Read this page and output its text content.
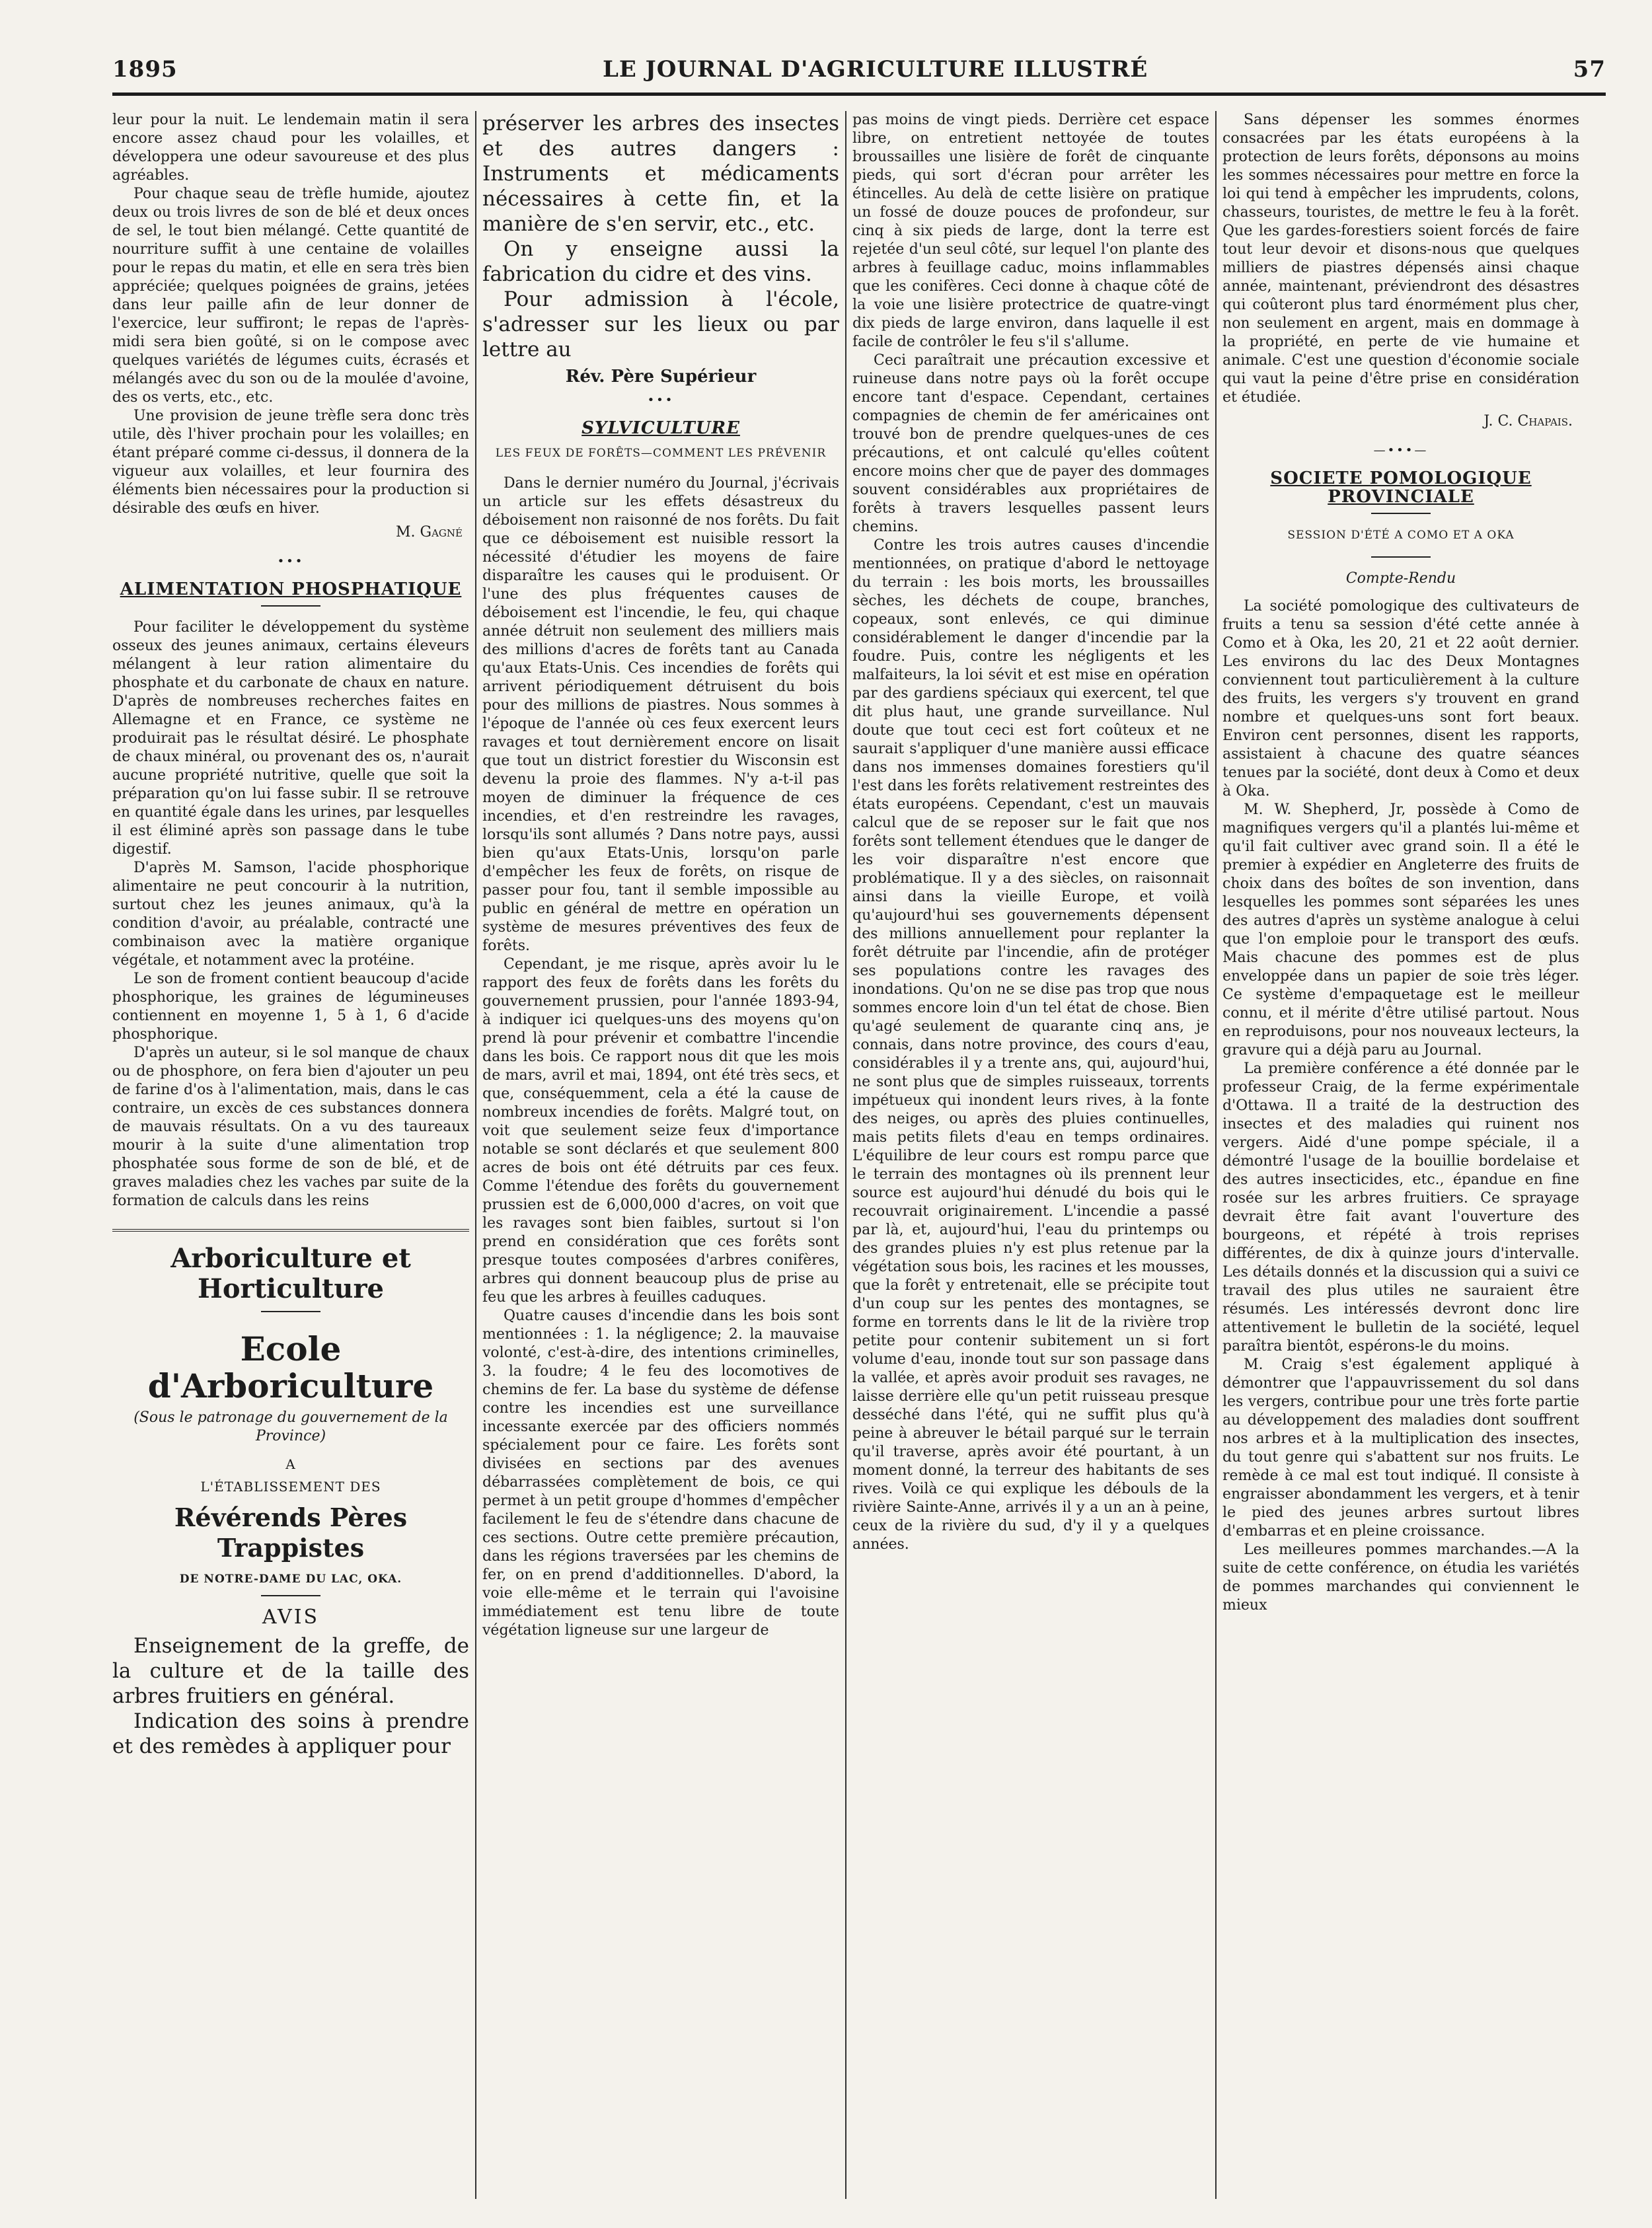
1895	LE JOURNAL D'AGRICULTURE ILLUSTRÉ	57

leur pour la nuit. Le lendemain matin il sera encore assez chaud pour les volailles, et développera une odeur savoureuse et des plus agréables.

Pour chaque seau de trèfle humide, ajoutez deux ou trois livres de son de blé et deux onces de sel, le tout bien mélangé. Cette quantité de nourriture suffit à une centaine de volailles pour le repas du matin, et elle en sera très bien appréciée; quelques poignées de grains, jetées dans leur paille afin de leur donner de l'exercice, leur suffiront; le repas de l'après-midi sera bien goûté, si on le compose avec quelques variétés de légumes cuits, écrasés et mélangés avec du son ou de la moulée d'avoine, des os verts, etc., etc.

Une provision de jeune trèfle sera donc très utile, dès l'hiver prochain pour les volailles; en étant préparé comme ci-dessus, il donnera de la vigueur aux volailles, et leur fournira des éléments bien nécessaires pour la production si désirable des œufs en hiver.

M. Gagné
•••
ALIMENTATION PHOSPHATIQUE

Pour faciliter le développement du système osseux des jeunes animaux, certains éleveurs mélangent à leur ration alimentaire du phosphate et du carbonate de chaux en nature. D'après de nombreuses recherches faites en Allemagne et en France, ce système ne produirait pas le résultat désiré. Le phosphate de chaux minéral, ou provenant des os, n'aurait aucune propriété nutritive, quelle que soit la préparation qu'on lui fasse subir. Il se retrouve en quantité égale dans les urines, par lesquelles il est éliminé après son passage dans le tube digestif.

D'après M. Samson, l'acide phosphorique alimentaire ne peut concourir à la nutrition, surtout chez les jeunes animaux, qu'à la condition d'avoir, au préalable, contracté une combinaison avec la matière organique végétale, et notamment avec la protéine.

Le son de froment contient beaucoup d'acide phosphorique, les graines de légumineuses contiennent en moyenne 1, 5 à 1, 6 d'acide phosphorique.

D'après un auteur, si le sol manque de chaux ou de phosphore, on fera bien d'ajouter un peu de farine d'os à l'alimentation, mais, dans le cas contraire, un excès de ces substances donnera de mauvais résultats. On a vu des taureaux mourir à la suite d'une alimentation trop phosphatée sous forme de son de blé, et de graves maladies chez les vaches par suite de la formation de calculs dans les reins

Arboriculture et Horticulture
Ecole d'Arboriculture
(Sous le patronage du gouvernement de la Province)
A
L'ÉTABLISSEMENT DES
Révérends Pères Trappistes
DE NOTRE-DAME DU LAC, OKA.
AVIS

Enseignement de la greffe, de la culture et de la taille des arbres fruitiers en général.

Indication des soins à prendre et des remèdes à appliquer pour

préserver les arbres des insectes et des autres dangers : Instruments et médicaments nécessaires à cette fin, et la manière de s'en servir, etc., etc.

On y enseigne aussi la fabrication du cidre et des vins.

Pour admission à l'école, s'adresser sur les lieux ou par lettre au

Rév. Père Supérieur
•••
SYLVICULTURE
LES FEUX DE FORÊTS—COMMENT LES PRÉVENIR

Dans le dernier numéro du Journal, j'écrivais un article sur les effets désastreux du déboisement non raisonné de nos forêts. Du fait que ce déboisement est nuisible ressort la nécessité d'étudier les moyens de faire disparaître les causes qui le produisent. Or l'une des plus fréquentes causes de déboisement est l'incendie, le feu, qui chaque année détruit non seulement des milliers mais des millions d'acres de forêts tant au Canada qu'aux Etats-Unis. Ces incendies de forêts qui arrivent périodiquement détruisent du bois pour des millions de piastres. Nous sommes à l'époque de l'année où ces feux exercent leurs ravages et tout dernièrement encore on lisait que tout un district forestier du Wisconsin est devenu la proie des flammes. N'y a-t-il pas moyen de diminuer la fréquence de ces incendies, et d'en restreindre les ravages, lorsqu'ils sont allumés ? Dans notre pays, aussi bien qu'aux Etats-Unis, lorsqu'on parle d'empêcher les feux de forêts, on risque de passer pour fou, tant il semble impossible au public en général de mettre en opération un système de mesures préventives des feux de forêts.

Cependant, je me risque, après avoir lu le rapport des feux de forêts dans les forêts du gouvernement prussien, pour l'année 1893-94, à indiquer ici quelques-uns des moyens qu'on prend là pour prévenir et combattre l'incendie dans les bois. Ce rapport nous dit que les mois de mars, avril et mai, 1894, ont été très secs, et que, conséquemment, cela a été la cause de nombreux incendies de forêts. Malgré tout, on voit que seulement seize feux d'importance notable se sont déclarés et que seulement 800 acres de bois ont été détruits par ces feux. Comme l'étendue des forêts du gouvernement prussien est de 6,000,000 d'acres, on voit que les ravages sont bien faibles, surtout si l'on prend en considération que ces forêts sont presque toutes composées d'arbres conifères, arbres qui donnent beaucoup plus de prise au feu que les arbres à feuilles caduques.

Quatre causes d'incendie dans les bois sont mentionnées : 1. la négligence; 2. la mauvaise volonté, c'est-à-dire, des intentions criminelles, 3. la foudre; 4 le feu des locomotives de chemins de fer. La base du système de défense contre les incendies est une surveillance incessante exercée par des officiers nommés spécialement pour ce faire. Les forêts sont divisées en sections par des avenues débarrassées complètement de bois, ce qui permet à un petit groupe d'hommes d'empêcher facilement le feu de s'étendre dans chacune de ces sections. Outre cette première précaution, dans les régions traversées par les chemins de fer, on en prend d'additionnelles. D'abord, la voie elle-même et le terrain qui l'avoisine immédiatement est tenu libre de toute végétation ligneuse sur une largeur de

pas moins de vingt pieds. Derrière cet espace libre, on entretient nettoyée de toutes broussailles une lisière de forêt de cinquante pieds, qui sort d'écran pour arrêter les étincelles. Au delà de cette lisière on pratique un fossé de douze pouces de profondeur, sur cinq à six pieds de large, dont la terre est rejetée d'un seul côté, sur lequel l'on plante des arbres à feuillage caduc, moins inflammables que les conifères. Ceci donne à chaque côté de la voie une lisière protectrice de quatre-vingt dix pieds de large environ, dans laquelle il est facile de contrôler le feu s'il s'allume.

Ceci paraîtrait une précaution excessive et ruineuse dans notre pays où la forêt occupe encore tant d'espace. Cependant, certaines compagnies de chemin de fer américaines ont trouvé bon de prendre quelques-unes de ces précautions, et ont calculé qu'elles coûtent encore moins cher que de payer des dommages souvent considérables aux propriétaires de forêts à travers lesquelles passent leurs chemins.

Contre les trois autres causes d'incendie mentionnées, on pratique d'abord le nettoyage du terrain : les bois morts, les broussailles sèches, les déchets de coupe, branches, copeaux, sont enlevés, ce qui diminue considérablement le danger d'incendie par la foudre. Puis, contre les négligents et les malfaiteurs, la loi sévit et est mise en opération par des gardiens spéciaux qui exercent, tel que dit plus haut, une grande surveillance. Nul doute que tout ceci est fort coûteux et ne saurait s'appliquer d'une manière aussi efficace dans nos immenses domaines forestiers qu'il l'est dans les forêts relativement restreintes des états européens. Cependant, c'est un mauvais calcul que de se reposer sur le fait que nos forêts sont tellement étendues que le danger de les voir disparaître n'est encore que problématique. Il y a des siècles, on raisonnait ainsi dans la vieille Europe, et voilà qu'aujourd'hui ses gouvernements dépensent des millions annuellement pour replanter la forêt détruite par l'incendie, afin de protéger ses populations contre les ravages des inondations. Qu'on ne se dise pas trop que nous sommes encore loin d'un tel état de chose. Bien qu'agé seulement de quarante cinq ans, je connais, dans notre province, des cours d'eau, considérables il y a trente ans, qui, aujourd'hui, ne sont plus que de simples ruisseaux, torrents impétueux qui inondent leurs rives, à la fonte des neiges, ou après des pluies continuelles, mais petits filets d'eau en temps ordinaires. L'équilibre de leur cours est rompu parce que le terrain des montagnes où ils prennent leur source est aujourd'hui dénudé du bois qui le recouvrait originairement. L'incendie a passé par là, et, aujourd'hui, l'eau du printemps ou des grandes pluies n'y est plus retenue par la végétation sous bois, les racines et les mousses, que la forêt y entretenait, elle se précipite tout d'un coup sur les pentes des montagnes, se forme en torrents dans le lit de la rivière trop petite pour contenir subitement un si fort volume d'eau, inonde tout sur son passage dans la vallée, et après avoir produit ses ravages, ne laisse derrière elle qu'un petit ruisseau presque desséché dans l'été, qui ne suffit plus qu'à peine à abreuver le bétail parqué sur le terrain qu'il traverse, après avoir été pourtant, à un moment donné, la terreur des habitants de ses rives. Voilà ce qui explique les débouls de la rivière Sainte-Anne, arrivés il y a un an à peine, ceux de la rivière du sud, d'y il y a quelques années.

Sans dépenser les sommes énormes consacrées par les états européens à la protection de leurs forêts, déponsons au moins les sommes nécessaires pour mettre en force la loi qui tend à empêcher les imprudents, colons, chasseurs, touristes, de mettre le feu à la forêt. Que les gardes-forestiers soient forcés de faire tout leur devoir et disons-nous que quelques milliers de piastres dépensés ainsi chaque année, maintenant, préviendront des désastres qui coûteront plus tard énormément plus cher, non seulement en argent, mais en dommage à la propriété, en perte de vie humaine et animale. C'est une question d'économie sociale qui vaut la peine d'être prise en considération et étudiée.

J. C. Chapais.
—•••—
SOCIETE POMOLOGIQUE PROVINCIALE
SESSION D'ÉTÉ A COMO ET A OKA
Compte-Rendu

La société pomologique des cultivateurs de fruits a tenu sa session d'été cette année à Como et à Oka, les 20, 21 et 22 août dernier. Les environs du lac des Deux Montagnes conviennent tout particulièrement à la culture des fruits, les vergers s'y trouvent en grand nombre et quelques-uns sont fort beaux. Environ cent personnes, disent les rapports, assistaient à chacune des quatre séances tenues par la société, dont deux à Como et deux à Oka.

M. W. Shepherd, Jr, possède à Como de magnifiques vergers qu'il a plantés lui-même et qu'il fait cultiver avec grand soin. Il a été le premier à expédier en Angleterre des fruits de choix dans des boîtes de son invention, dans lesquelles les pommes sont séparées les unes des autres d'après un système analogue à celui que l'on emploie pour le transport des œufs. Mais chacune des pommes est de plus enveloppée dans un papier de soie très léger. Ce système d'empaquetage est le meilleur connu, et il mérite d'être utilisé partout. Nous en reproduisons, pour nos nouveaux lecteurs, la gravure qui a déjà paru au Journal.

La première conférence a été donnée par le professeur Craig, de la ferme expérimentale d'Ottawa. Il a traité de la destruction des insectes et des maladies qui ruinent nos vergers. Aidé d'une pompe spéciale, il a démontré l'usage de la bouillie bordelaise et des autres insecticides, etc., épandue en fine rosée sur les arbres fruitiers. Ce sprayage devrait être fait avant l'ouverture des bourgeons, et répété à trois reprises différentes, de dix à quinze jours d'intervalle. Les détails donnés et la discussion qui a suivi ce travail des plus utiles ne sauraient être résumés. Les intéressés devront donc lire attentivement le bulletin de la société, lequel paraîtra bientôt, espérons-le du moins.

M. Craig s'est également appliqué à démontrer que l'appauvrissement du sol dans les vergers, contribue pour une très forte partie au développement des maladies dont souffrent nos arbres et à la multiplication des insectes, du tout genre qui s'abattent sur nos fruits. Le remède à ce mal est tout indiqué. Il consiste à engraisser abondamment les vergers, et à tenir le pied des jeunes arbres surtout libres d'embarras et en pleine croissance.

Les meilleures pommes marchandes.—A la suite de cette conférence, on étudia les variétés de pommes marchandes qui conviennent le mieux
